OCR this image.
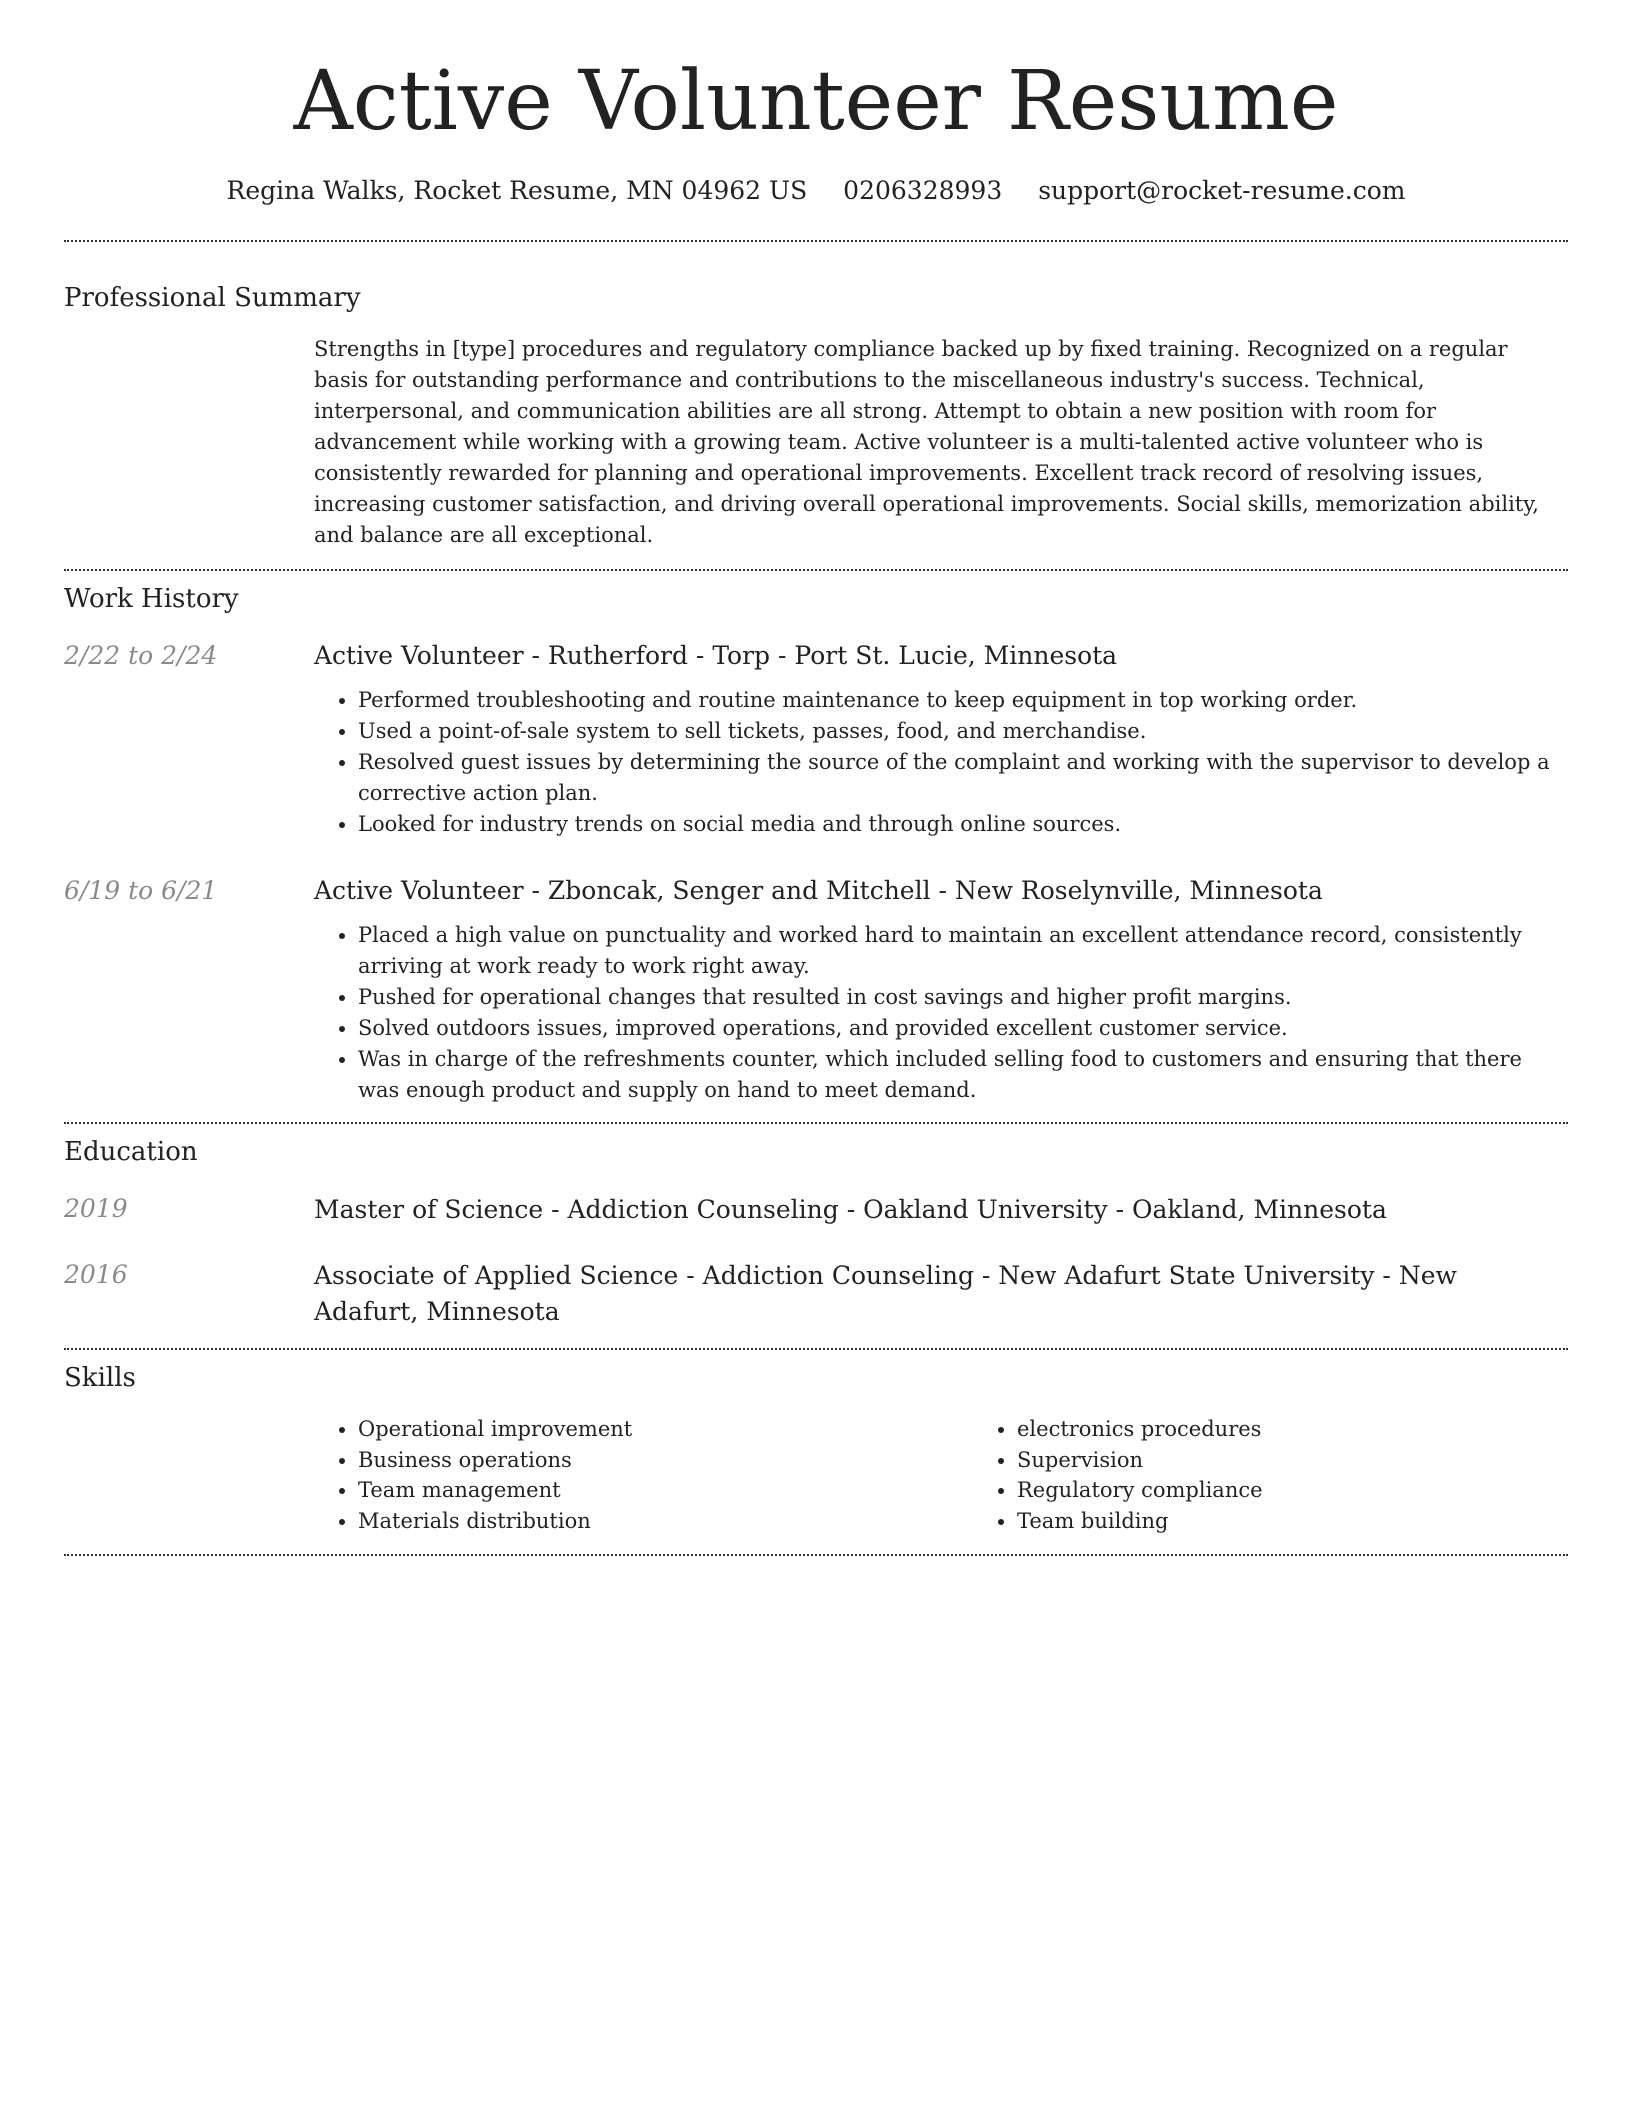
Active Volunteer Resume
Regina Walks, Rocket Resume, MN 04962 US 0206328993 support@rocket-resume.com
Professional Summary

Strengths in [type] procedures and regulatory compliance backed up by fixed training. Recognized on a regular basis for outstanding performance and contributions to the miscellaneous industry's success. Technical, interpersonal, and communication abilities are all strong. Attempt to obtain a new position with room for advancement while working with a growing team. Active volunteer is a multi-talented active volunteer who is consistently rewarded for planning and operational improvements. Excellent track record of resolving issues, increasing customer satisfaction, and driving overall operational improvements. Social skills, memorization ability, and balance are all exceptional.

Work History
2/22 to 2/24	Active Volunteer - Rutherford - Torp - Port St. Lucie, Minnesota
• Performed troubleshooting and routine maintenance to keep equipment in top working order.
• Used a point-of-sale system to sell tickets, passes, food, and merchandise.
• Resolved guest issues by determining the source of the complaint and working with the supervisor to develop a corrective action plan.
• Looked for industry trends on social media and through online sources.
6/19 to 6/21	Active Volunteer - Zboncak, Senger and Mitchell - New Roselynville, Minnesota
• Placed a high value on punctuality and worked hard to maintain an excellent attendance record, consistently arriving at work ready to work right away.
• Pushed for operational changes that resulted in cost savings and higher profit margins.
• Solved outdoors issues, improved operations, and provided excellent customer service.
• Was in charge of the refreshments counter, which included selling food to customers and ensuring that there was enough product and supply on hand to meet demand.
Education
2019	Master of Science - Addiction Counseling - Oakland University - Oakland, Minnesota
2016	Associate of Applied Science - Addiction Counseling - New Adafurt State University - New Adafurt, Minnesota
Skills
• Operational improvement
• Business operations
• Team management
• Materials distribution
• electronics procedures
• Supervision
• Regulatory compliance
• Team building
